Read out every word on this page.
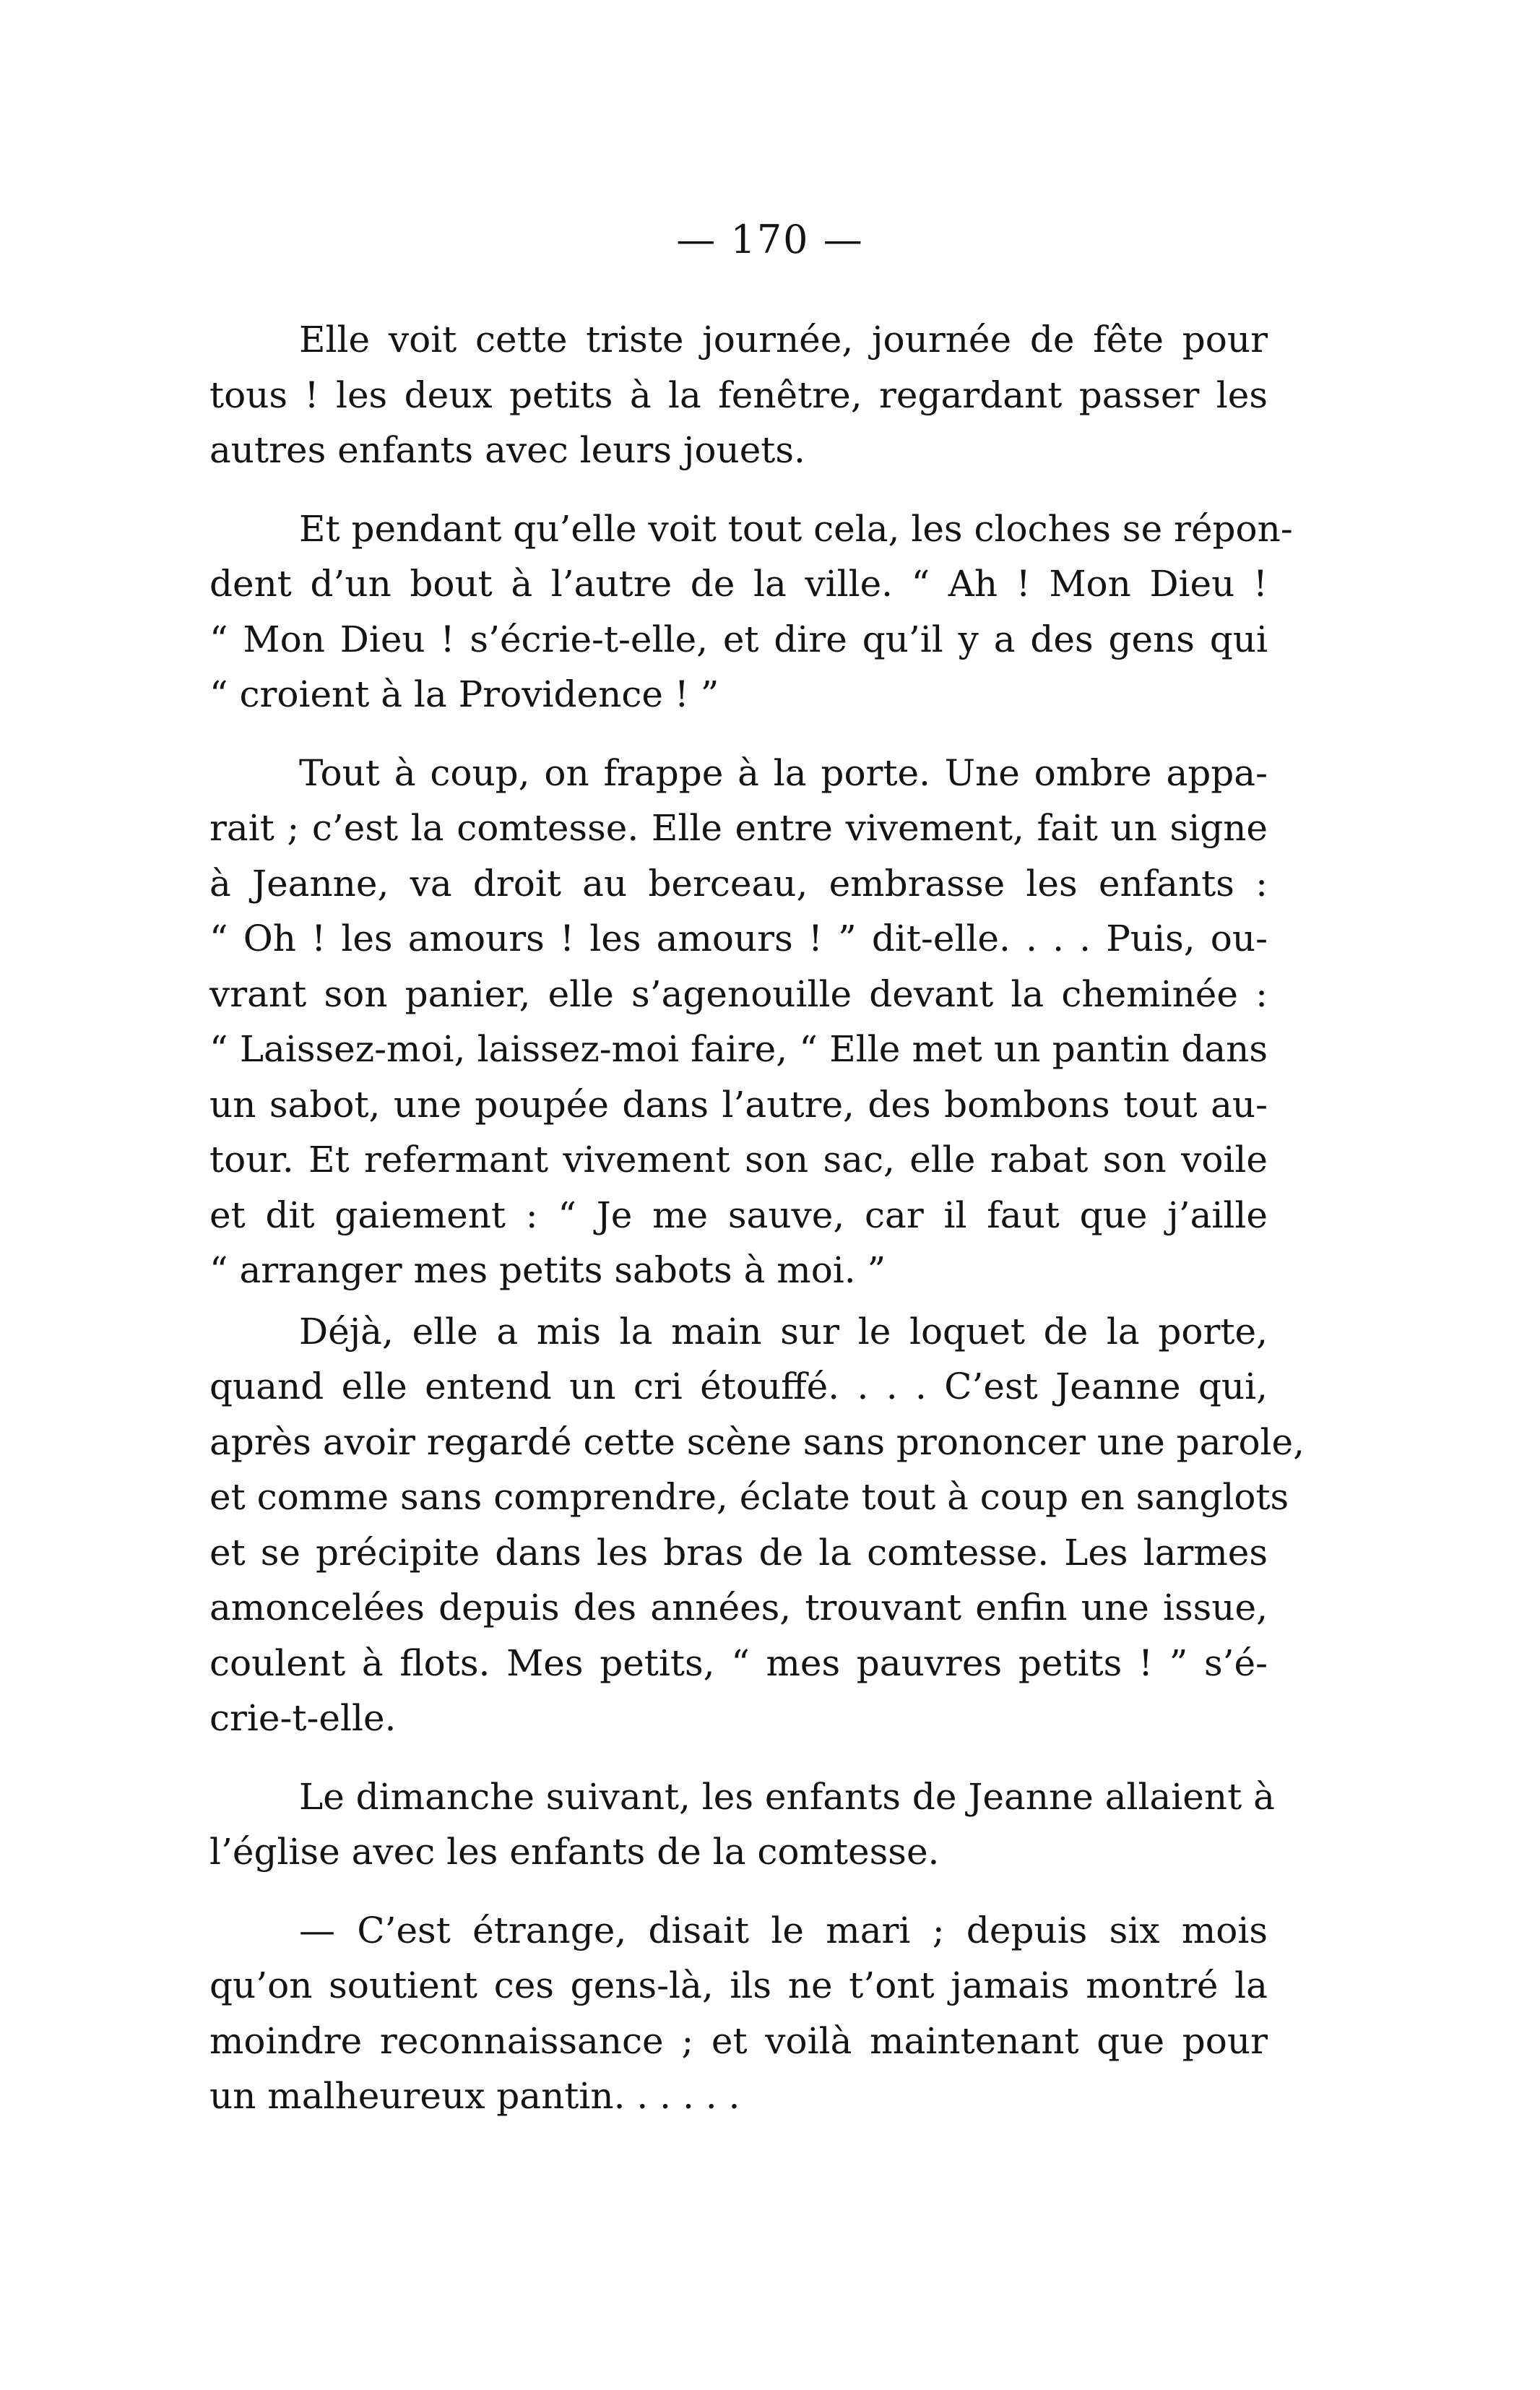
— 170 —

Elle voit cette triste journée, journée de fête pour
tous ! les deux petits à la fenêtre, regardant passer les
autres enfants avec leurs jouets.

Et pendant qu’elle voit tout cela, les cloches se répon-
dent d’un bout à l’autre de la ville. “ Ah ! Mon Dieu !
“ Mon Dieu ! s’écrie-t-elle, et dire qu’il y a des gens qui
“ croient à la Providence ! ”

Tout à coup, on frappe à la porte. Une ombre appa-
rait ; c’est la comtesse. Elle entre vivement, fait un signe
à Jeanne, va droit au berceau, embrasse les enfants :
“ Oh ! les amours ! les amours ! ” dit-elle. . . . Puis, ou-
vrant son panier, elle s’agenouille devant la cheminée :
“ Laissez-moi, laissez-moi faire, “ Elle met un pantin dans
un sabot, une poupée dans l’autre, des bombons tout au-
tour. Et refermant vivement son sac, elle rabat son voile
et dit gaiement : “ Je me sauve, car il faut que j’aille
“ arranger mes petits sabots à moi. ”

Déjà, elle a mis la main sur le loquet de la porte,
quand elle entend un cri étouffé. . . . C’est Jeanne qui,
après avoir regardé cette scène sans prononcer une parole,
et comme sans comprendre, éclate tout à coup en sanglots
et se précipite dans les bras de la comtesse. Les larmes
amoncelées depuis des années, trouvant enfin une issue,
coulent à flots. Mes petits, “ mes pauvres petits ! ” s’é-
crie-t-elle.

Le dimanche suivant, les enfants de Jeanne allaient à
l’église avec les enfants de la comtesse.

— C’est étrange, disait le mari ; depuis six mois
qu’on soutient ces gens-là, ils ne t’ont jamais montré la
moindre reconnaissance ; et voilà maintenant que pour
un malheureux pantin. . . . . .
